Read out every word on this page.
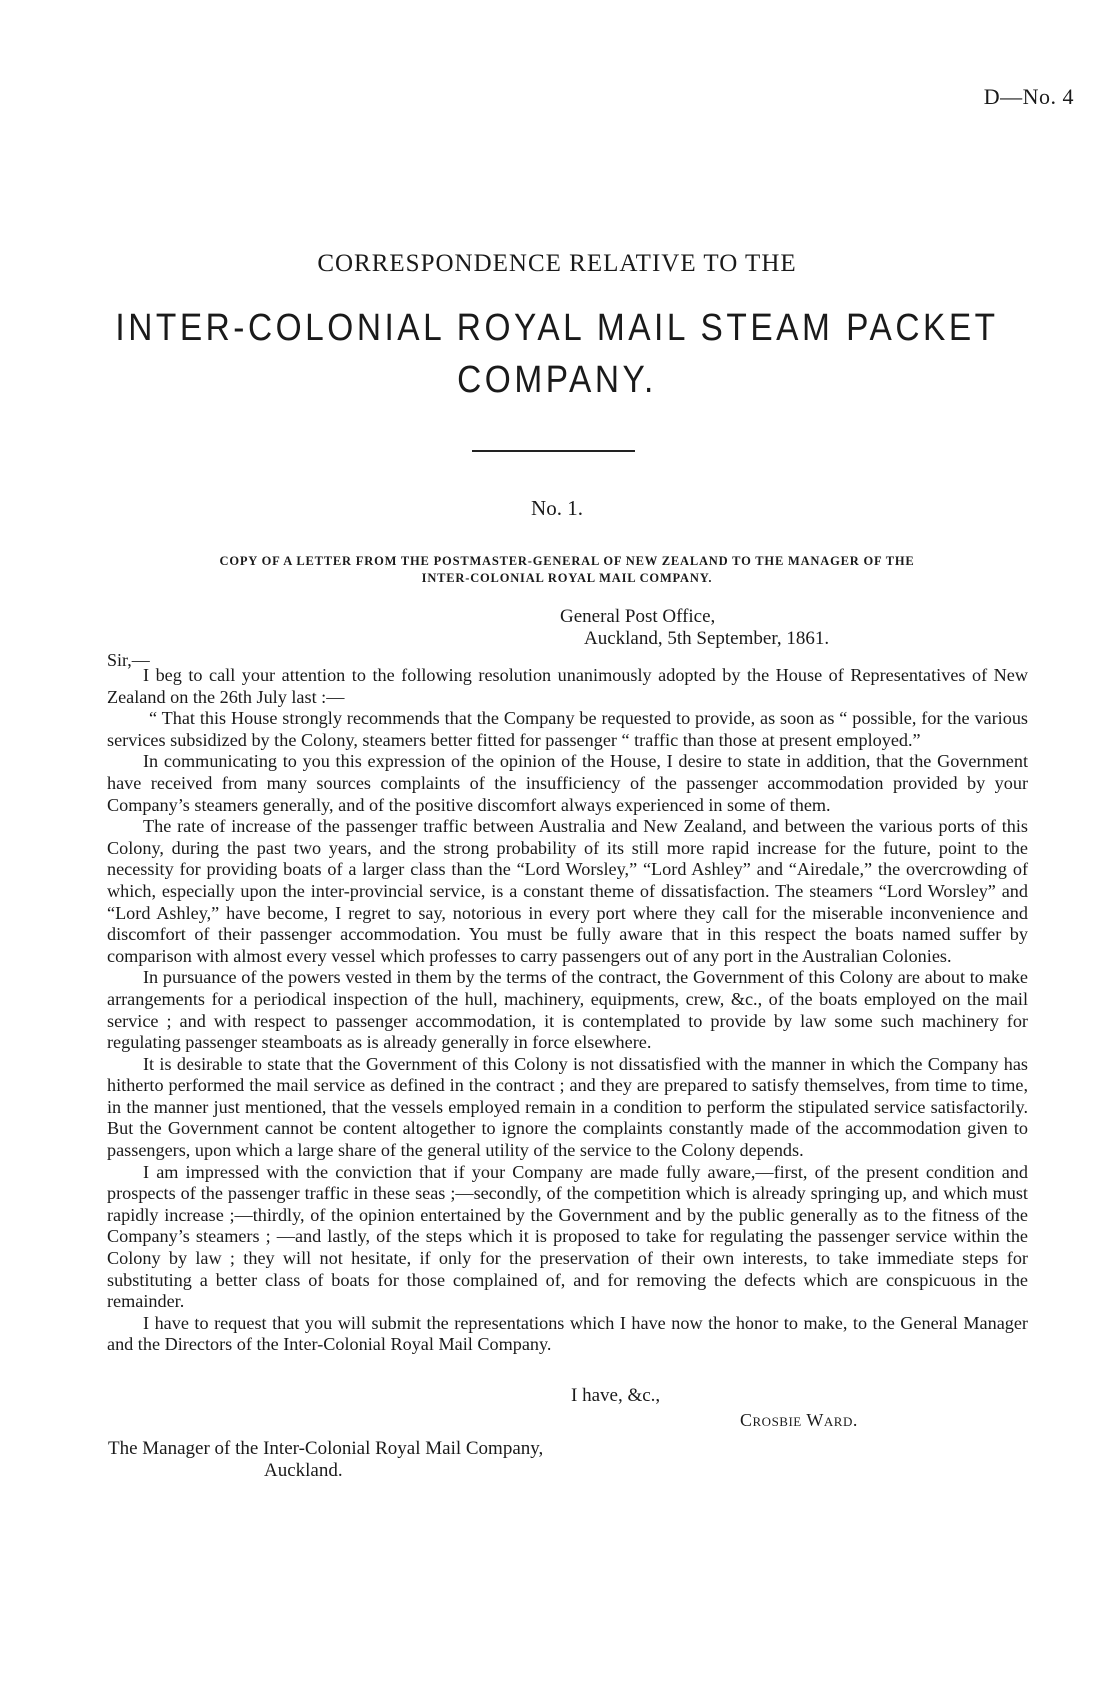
D—No. 4
CORRESPONDENCE RELATIVE TO THE
INTER-COLONIAL ROYAL MAIL STEAM PACKET
COMPANY.
No. 1.
COPY OF A LETTER FROM THE POSTMASTER-GENERAL OF NEW ZEALAND TO THE MANAGER OF THE
INTER-COLONIAL ROYAL MAIL COMPANY.
General Post Office,
Auckland, 5th September, 1861.
Sir,—

I beg to call your attention to the following resolution unanimously adopted by the House of Representatives of New Zealand on the 26th July last :—

“ That this House strongly recommends that the Company be requested to provide, as soon as “ possible, for the various services subsidized by the Colony, steamers better fitted for passenger “ traffic than those at present employed.”

In communicating to you this expression of the opinion of the House, I desire to state in addition, that the Government have received from many sources complaints of the insufficiency of the passenger accommodation provided by your Company’s steamers generally, and of the positive discomfort always experienced in some of them.

The rate of increase of the passenger traffic between Australia and New Zealand, and between the various ports of this Colony, during the past two years, and the strong probability of its still more rapid increase for the future, point to the necessity for providing boats of a larger class than the “Lord Worsley,” “Lord Ashley” and “Airedale,” the overcrowding of which, especially upon the inter-provincial service, is a constant theme of dissatisfaction. The steamers “Lord Worsley” and “Lord Ashley,” have become, I regret to say, notorious in every port where they call for the miserable inconvenience and discomfort of their passenger accommodation. You must be fully aware that in this respect the boats named suffer by comparison with almost every vessel which professes to carry passengers out of any port in the Australian Colonies.

In pursuance of the powers vested in them by the terms of the contract, the Government of this Colony are about to make arrangements for a periodical inspection of the hull, machinery, equipments, crew, &c., of the boats employed on the mail service ; and with respect to passenger accommodation, it is contemplated to provide by law some such machinery for regulating passenger steamboats as is already generally in force elsewhere.

It is desirable to state that the Government of this Colony is not dissatisfied with the manner in which the Company has hitherto performed the mail service as defined in the contract ; and they are prepared to satisfy themselves, from time to time, in the manner just mentioned, that the vessels employed remain in a condition to perform the stipulated service satisfactorily. But the Government cannot be content altogether to ignore the complaints constantly made of the accommodation given to passengers, upon which a large share of the general utility of the service to the Colony depends.

I am impressed with the conviction that if your Company are made fully aware,—first, of the present condition and prospects of the passenger traffic in these seas ;—secondly, of the competition which is already springing up, and which must rapidly increase ;—thirdly, of the opinion entertained by the Government and by the public generally as to the fitness of the Company’s steamers ; —and lastly, of the steps which it is proposed to take for regulating the passenger service within the Colony by law ; they will not hesitate, if only for the preservation of their own interests, to take immediate steps for substituting a better class of boats for those complained of, and for removing the defects which are conspicuous in the remainder.

I have to request that you will submit the representations which I have now the honor to make, to the General Manager and the Directors of the Inter-Colonial Royal Mail Company.

I have, &c.,
Crosbie Ward.
The Manager of the Inter-Colonial Royal Mail Company,
Auckland.
